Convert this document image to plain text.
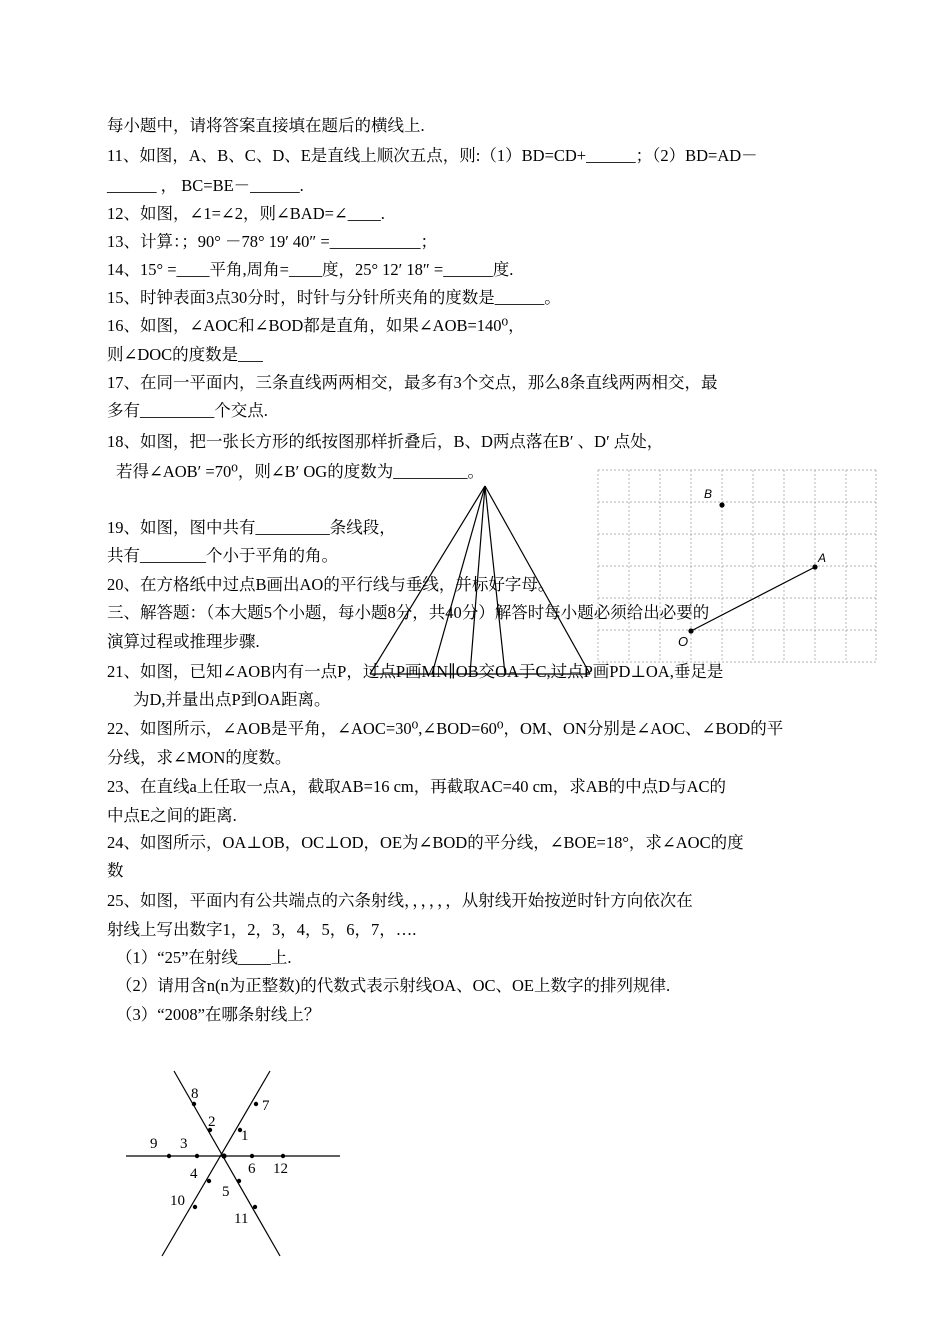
每小题中，请将答案直接填在题后的横线上.
11、如图，A、B、C、D、E是直线上顺次五点，则:（1）BD=CD+______；（2）BD=AD－
______ ， BC=BE－______.
12、如图，∠1=∠2，则∠BAD=∠____.
13、计算：；90° －78° 19′ 40″ =___________；
14、15° =____平角,周角=____度，25° 12′ 18″ =______度.
15、时钟表面3点30分时，时针与分针所夹角的度数是______。
16、如图，∠AOC和∠BOD都是直角，如果∠AOB=140⁰，
则∠DOC的度数是___
17、在同一平面内，三条直线两两相交，最多有3个交点，那么8条直线两两相交，最
多有_________个交点.
18、如图，把一张长方形的纸按图那样折叠后，B、D两点落在B′ 、D′ 点处，
若得∠AOB′ =70⁰，则∠B′ OG的度数为_________。
19、如图，图中共有_________条线段，
共有________个小于平角的角。
20、在方格纸中过点B画出AO的平行线与垂线，并标好字母。
三、解答题：（本大题5个小题，每小题8分，共40分）解答时每小题必须给出必要的
演算过程或推理步骤.
21、如图，已知∠AOB内有一点P，过点P画MN∥OB交OA于C,过点P画PD⊥OA,垂足是
为D,并量出点P到OA距离。
22、如图所示，∠AOB是平角，∠AOC=30⁰,∠BOD=60⁰，OM、ON分别是∠AOC、∠BOD的平
分线，求∠MON的度数。
23、在直线a上任取一点A，截取AB=16 cm，再截取AC=40 cm，求AB的中点D与AC的
中点E之间的距离.
24、如图所示，OA⊥OB，OC⊥OD，OE为∠BOD的平分线，∠BOE=18°，求∠AOC的度
数
25、如图，平面内有公共端点的六条射线，，，，，，从射线开始按逆时针方向依次在
射线上写出数字1，2，3，4，5，6，7，….
（1）“25”在射线____上.
（2）请用含n(n为正整数)的代数式表示射线OA、OC、OE上数字的排列规律.
（3）“2008”在哪条射线上？
B
A
O
1
2
3
4
5
6
7
8
9
10
11
12
